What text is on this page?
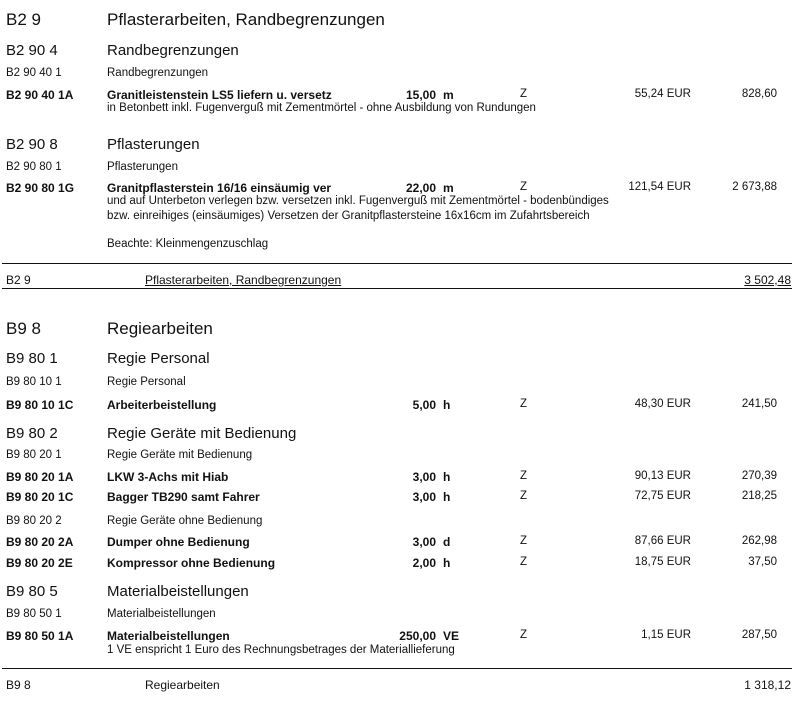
B2 9	Pflasterarbeiten, Randbegrenzungen
B2 90 4	Randbegrenzungen
B2 90 40 1	Randbegrenzungen
B2 90 40 1A	Granitleistenstein LS5 liefern u. versetz	15,00 m	Z	55,24 EUR	828,60
in Betonbett inkl. Fugenverguß mit Zementmörtel - ohne Ausbildung von Rundungen
B2 90 8	Pflasterungen
B2 90 80 1	Pflasterungen
B2 90 80 1G	Granitpflasterstein 16/16 einsäumig ver	22,00 m	Z	121,54 EUR	2 673,88
und auf Unterbeton verlegen bzw. versetzen inkl. Fugenverguß mit Zementmörtel - bodenbündiges
bzw. einreihiges (einsäumiges) Versetzen der Granitpflastersteine 16x16cm im Zufahrtsbereich
Beachte: Kleinmengenzuschlag
B2 9	Pflasterarbeiten, Randbegrenzungen	3 502,48
B9 8	Regiearbeiten
B9 80 1	Regie Personal
B9 80 10 1	Regie Personal
B9 80 10 1C	Arbeiterbeistellung	5,00 h	Z	48,30 EUR	241,50
B9 80 2	Regie Geräte mit Bedienung
B9 80 20 1	Regie Geräte mit Bedienung
B9 80 20 1A	LKW 3-Achs mit Hiab	3,00 h	Z	90,13 EUR	270,39
B9 80 20 1C	Bagger TB290 samt Fahrer	3,00 h	Z	72,75 EUR	218,25
B9 80 20 2	Regie Geräte ohne Bedienung
B9 80 20 2A	Dumper ohne Bedienung	3,00 d	Z	87,66 EUR	262,98
B9 80 20 2E	Kompressor ohne Bedienung	2,00 h	Z	18,75 EUR	37,50
B9 80 5	Materialbeistellungen
B9 80 50 1	Materialbeistellungen
B9 80 50 1A	Materialbeistellungen	250,00 VE	Z	1,15 EUR	287,50
1 VE enspricht 1 Euro des Rechnungsbetrages der Materiallieferung
B9 8	Regiearbeiten	1 318,12
